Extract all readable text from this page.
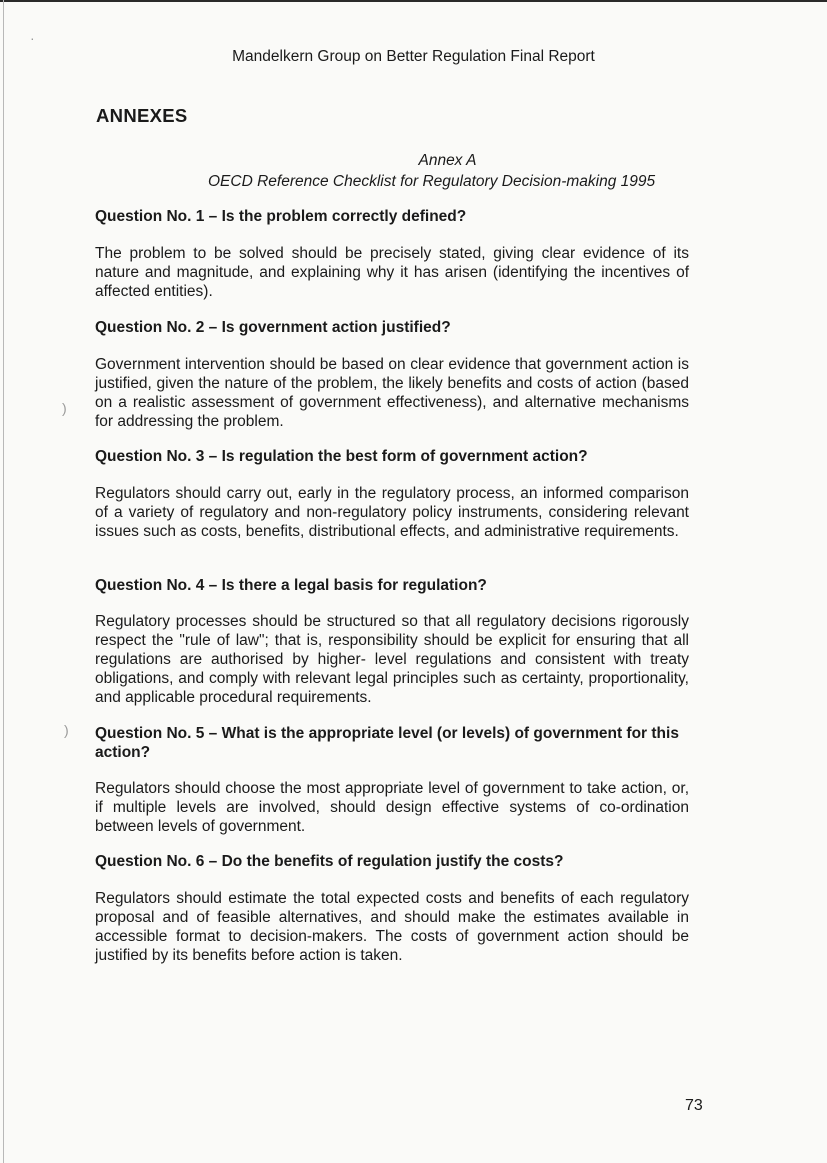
·
)
)
Mandelkern Group on Better Regulation Final Report
ANNEXES
Annex A
OECD Reference Checklist for Regulatory Decision-making 1995
Question No. 1 – Is the problem correctly defined?
The problem to be solved should be precisely stated, giving clear evidence of its nature and magnitude, and explaining why it has arisen (identifying the incentives of affected entities).
Question No. 2 – Is government action justified?
Government intervention should be based on clear evidence that government action is justified, given the nature of the problem, the likely benefits and costs of action (based on a realistic assessment of government effectiveness), and alternative mechanisms for addressing the problem.
Question No. 3 – Is regulation the best form of government action?
Regulators should carry out, early in the regulatory process, an informed comparison of a variety of regulatory and non-regulatory policy instruments, considering relevant issues such as costs, benefits, distributional effects, and administrative requirements.
Question No. 4 – Is there a legal basis for regulation?
Regulatory processes should be structured so that all regulatory decisions rigorously respect the "rule of law"; that is, responsibility should be explicit for ensuring that all regulations are authorised by higher- level regulations and consistent with treaty obligations, and comply with relevant legal principles such as certainty, proportionality, and applicable procedural requirements.
Question No. 5 – What is the appropriate level (or levels) of government for this action?
Regulators should choose the most appropriate level of government to take action, or, if multiple levels are involved, should design effective systems of co-ordination between levels of government.
Question No. 6 – Do the benefits of regulation justify the costs?
Regulators should estimate the total expected costs and benefits of each regulatory proposal and of feasible alternatives, and should make the estimates available in accessible format to decision-makers. The costs of government action should be justified by its benefits before action is taken.
73
